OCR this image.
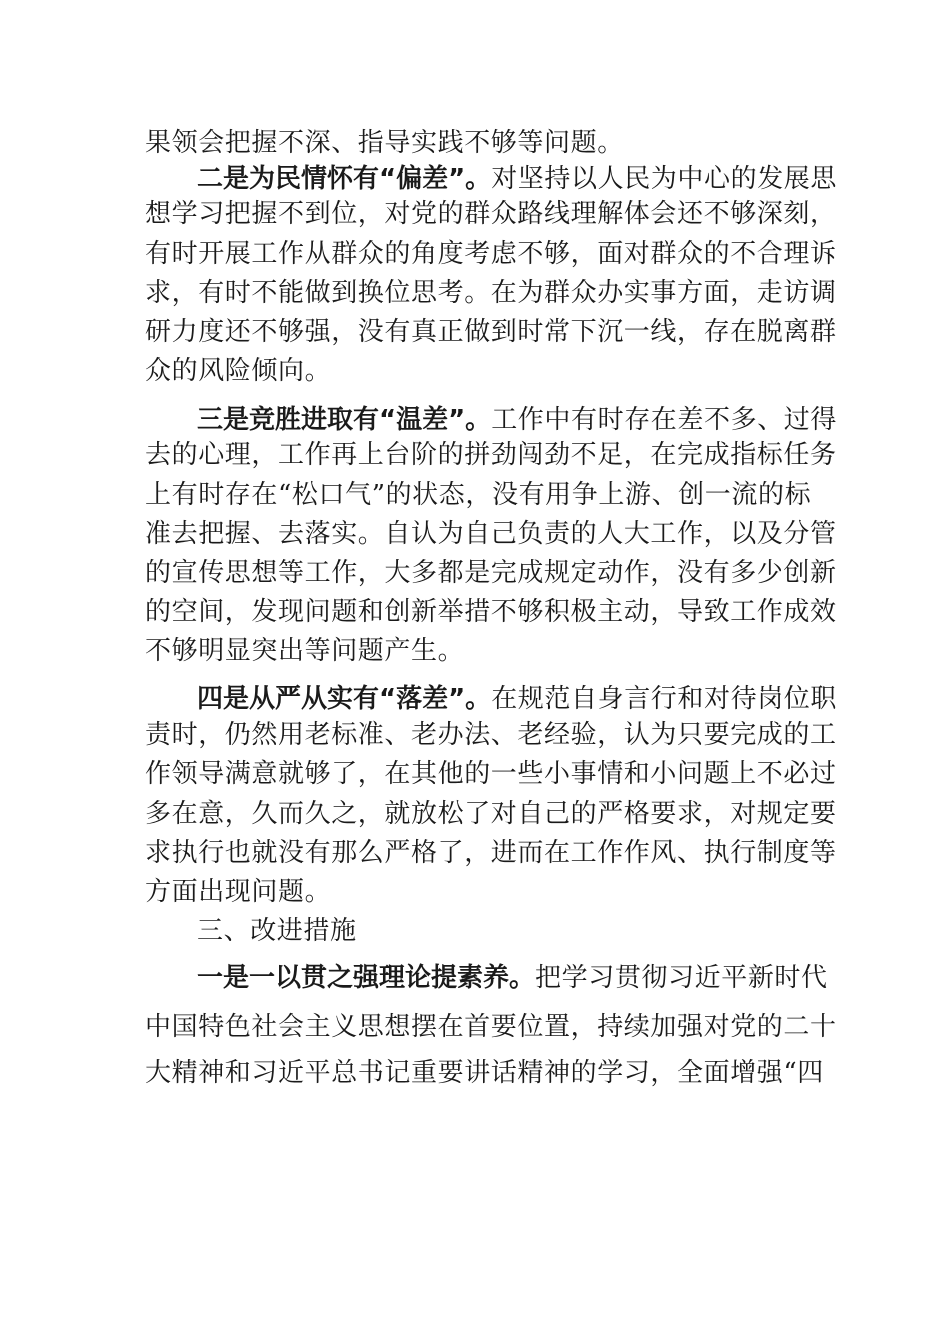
果领会把握不深、指导实践不够等问题。
二是为民情怀有“偏差”。对坚持以人民为中心的发展思
想学习把握不到位，对党的群众路线理解体会还不够深刻，
有时开展工作从群众的角度考虑不够，面对群众的不合理诉
求，有时不能做到换位思考。在为群众办实事方面，走访调
研力度还不够强，没有真正做到时常下沉一线，存在脱离群
众的风险倾向。
三是竞胜进取有“温差”。工作中有时存在差不多、过得
去的心理，工作再上台阶的拼劲闯劲不足，在完成指标任务
上有时存在“松口气”的状态，没有用争上游、创一流的标
准去把握、去落实。自认为自己负责的人大工作，以及分管
的宣传思想等工作，大多都是完成规定动作，没有多少创新
的空间，发现问题和创新举措不够积极主动，导致工作成效
不够明显突出等问题产生。
四是从严从实有“落差”。在规范自身言行和对待岗位职
责时，仍然用老标准、老办法、老经验，认为只要完成的工
作领导满意就够了，在其他的一些小事情和小问题上不必过
多在意，久而久之，就放松了对自己的严格要求，对规定要
求执行也就没有那么严格了，进而在工作作风、执行制度等
方面出现问题。
三、改进措施
一是一以贯之强理论提素养。把学习贯彻习近平新时代
中国特色社会主义思想摆在首要位置，持续加强对党的二十
大精神和习近平总书记重要讲话精神的学习，全面增强“四
